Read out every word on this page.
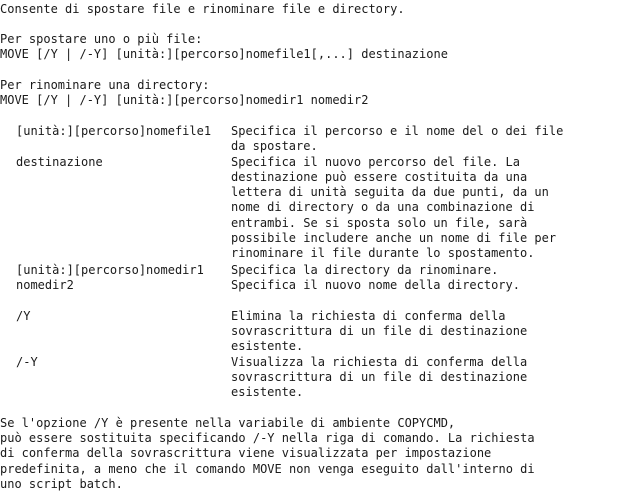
Consente di spostare file e rinominare file e directory.
Per spostare uno o più file:
MOVE [/Y | /-Y] [unità:][percorso]nomefile1[,...] destinazione
Per rinominare una directory:
MOVE [/Y | /-Y] [unità:][percorso]nomedir1 nomedir2
[unità:][percorso]nomefile1 Specifica il percorso e il nome del o dei file
da spostare.
destinazione	Specifica il nuovo percorso del file. La
destinazione può essere costituita da una
lettera di unità seguita da due punti, da un
nome di directory o da una combinazione di
entrambi. Se si sposta solo un file, sarà
possibile includere anche un nome di file per
rinominare il file durante lo spostamento.
[unità:][percorso]nomedir1 Specifica la directory da rinominare.
nomedir2	Specifica il nuovo nome della directory.
/Y	Elimina la richiesta di conferma della
sovrascrittura di un file di destinazione
esistente.
/-Y	Visualizza la richiesta di conferma della
sovrascrittura di un file di destinazione
esistente.
Se l'opzione /Y è presente nella variabile di ambiente COPYCMD,
può essere sostituita specificando /-Y nella riga di comando. La richiesta
di conferma della sovrascrittura viene visualizzata per impostazione
predefinita, a meno che il comando MOVE non venga eseguito dall'interno di
uno script batch.
